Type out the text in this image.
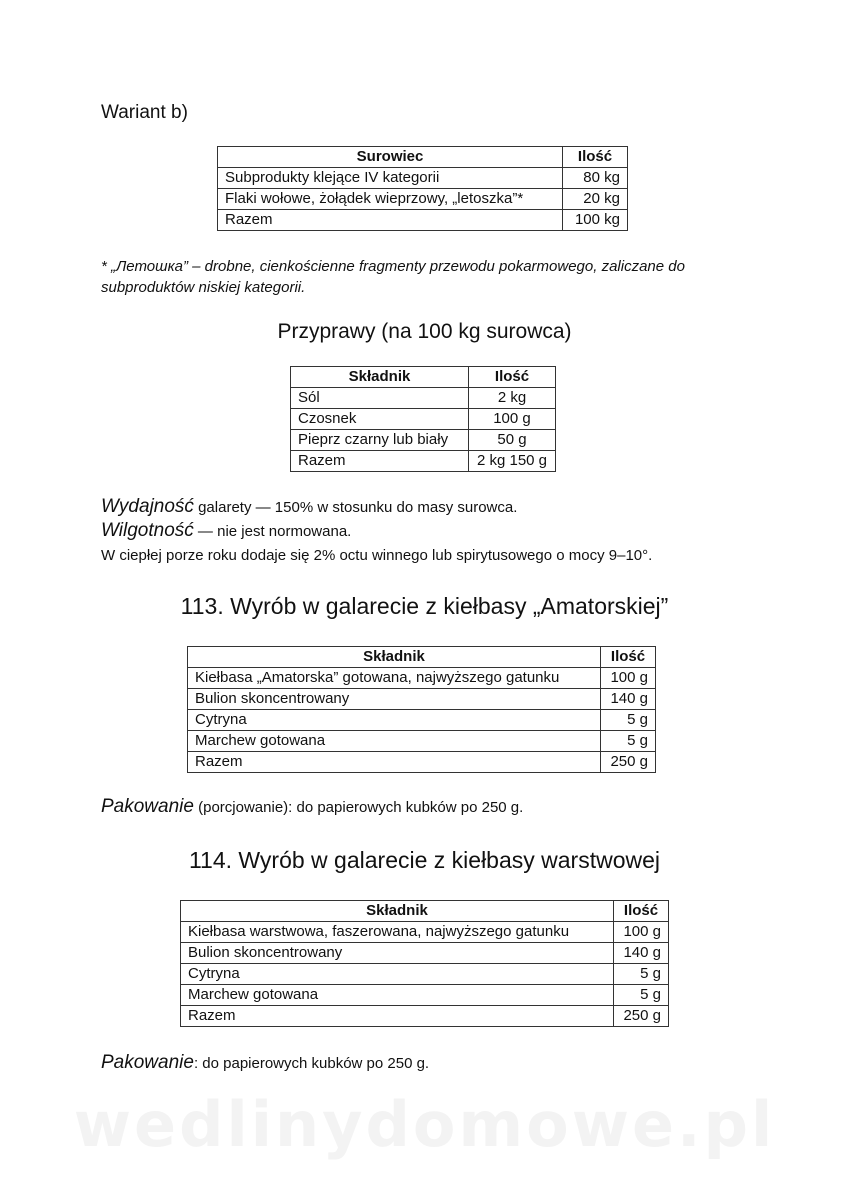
Wariant b)
Surowiec	Ilość
Subprodukty klejące IV kategorii	80 kg
Flaki wołowe, żołądek wieprzowy, „letoszka”*	20 kg
Razem	100 kg
* „Летошка” – drobne, cienkościenne fragmenty przewodu pokarmowego, zaliczane do subproduktów niskiej kategorii.
Przyprawy (na 100 kg surowca)
Składnik	Ilość
Sól	2 kg
Czosnek	100 g
Pieprz czarny lub biały	50 g
Razem	2 kg 150 g
Wydajność galarety — 150% w stosunku do masy surowca.
Wilgotność — nie jest normowana.
W ciepłej porze roku dodaje się 2% octu winnego lub spirytusowego o mocy 9–10°.
113. Wyrób w galarecie z kiełbasy „Amatorskiej”
Składnik	Ilość
Kiełbasa „Amatorska” gotowana, najwyższego gatunku	100 g
Bulion skoncentrowany	140 g
Cytryna	5 g
Marchew gotowana	5 g
Razem	250 g
Pakowanie (porcjowanie): do papierowych kubków po 250 g.
114. Wyrób w galarecie z kiełbasy warstwowej
Składnik	Ilość
Kiełbasa warstwowa, faszerowana, najwyższego gatunku	100 g
Bulion skoncentrowany	140 g
Cytryna	5 g
Marchew gotowana	5 g
Razem	250 g
Pakowanie: do papierowych kubków po 250 g.
wedlinydomowe.pl
